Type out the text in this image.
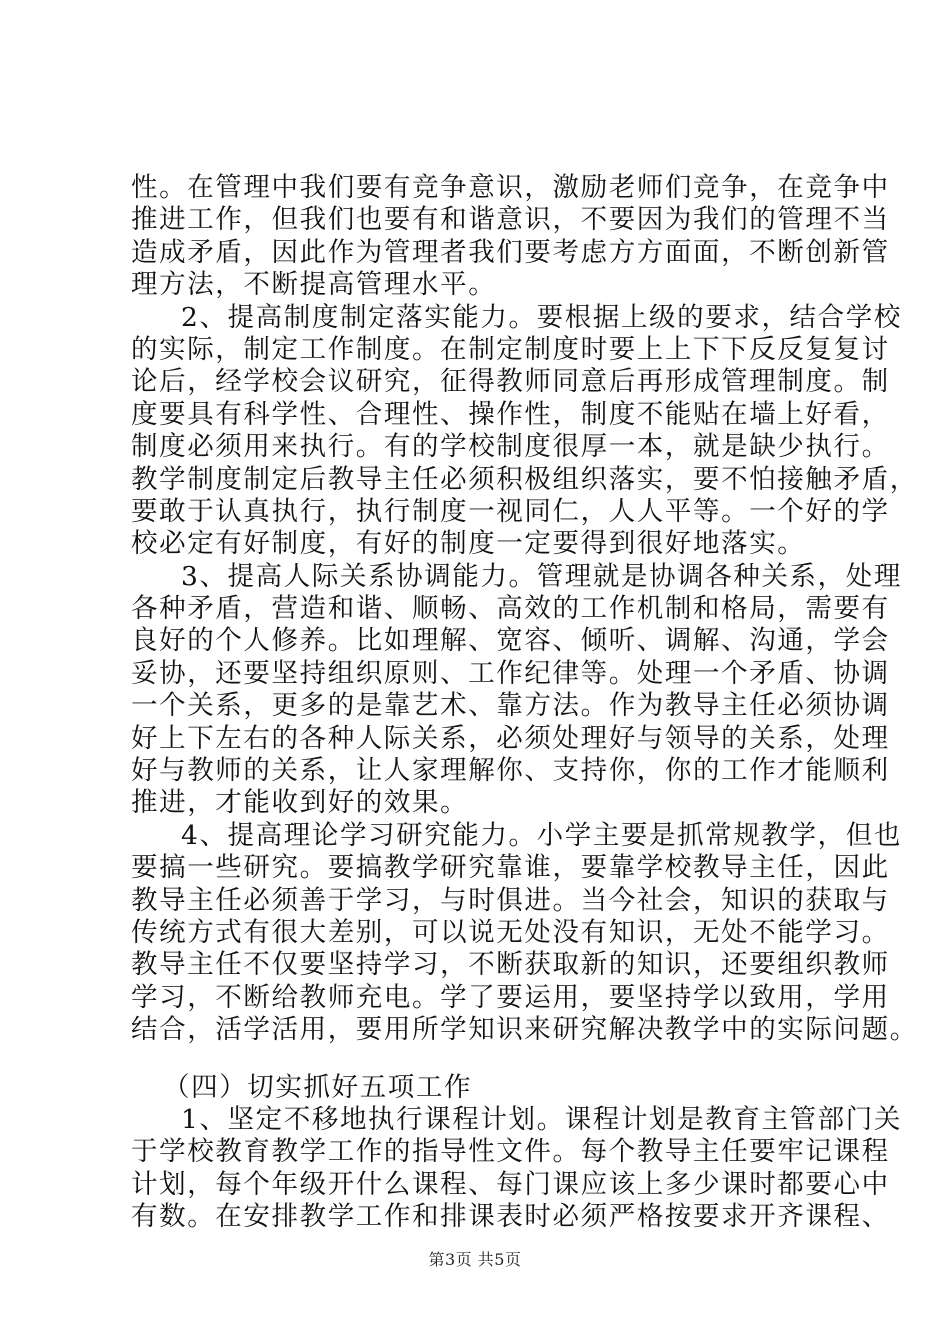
性。在管理中我们要有竞争意识，激励老师们竞争，在竞争中
推进工作，但我们也要有和谐意识，不要因为我们的管理不当
造成矛盾，因此作为管理者我们要考虑方方面面，不断创新管
理方法，不断提高管理水平。
2、提高制度制定落实能力。要根据上级的要求，结合学校
的实际，制定工作制度。在制定制度时要上上下下反反复复讨
论后，经学校会议研究，征得教师同意后再形成管理制度。制
度要具有科学性、合理性、操作性，制度不能贴在墙上好看，
制度必须用来执行。有的学校制度很厚一本，就是缺少执行。
教学制度制定后教导主任必须积极组织落实，要不怕接触矛盾，
要敢于认真执行，执行制度一视同仁，人人平等。一个好的学
校必定有好制度，有好的制度一定要得到很好地落实。
3、提高人际关系协调能力。管理就是协调各种关系，处理
各种矛盾，营造和谐、顺畅、高效的工作机制和格局，需要有
良好的个人修养。比如理解、宽容、倾听、调解、沟通，学会
妥协，还要坚持组织原则、工作纪律等。处理一个矛盾、协调
一个关系，更多的是靠艺术、靠方法。作为教导主任必须协调
好上下左右的各种人际关系，必须处理好与领导的关系，处理
好与教师的关系，让人家理解你、支持你，你的工作才能顺利
推进，才能收到好的效果。
4、提高理论学习研究能力。小学主要是抓常规教学，但也
要搞一些研究。要搞教学研究靠谁，要靠学校教导主任，因此
教导主任必须善于学习，与时俱进。当今社会，知识的获取与
传统方式有很大差别，可以说无处没有知识，无处不能学习。
教导主任不仅要坚持学习，不断获取新的知识，还要组织教师
学习，不断给教师充电。学了要运用，要坚持学以致用，学用
结合，活学活用，要用所学知识来研究解决教学中的实际问题。
（四）切实抓好五项工作
1、坚定不移地执行课程计划。课程计划是教育主管部门关
于学校教育教学工作的指导性文件。每个教导主任要牢记课程
计划，每个年级开什么课程、每门课应该上多少课时都要心中
有数。在安排教学工作和排课表时必须严格按要求开齐课程、
第3页 共5页
